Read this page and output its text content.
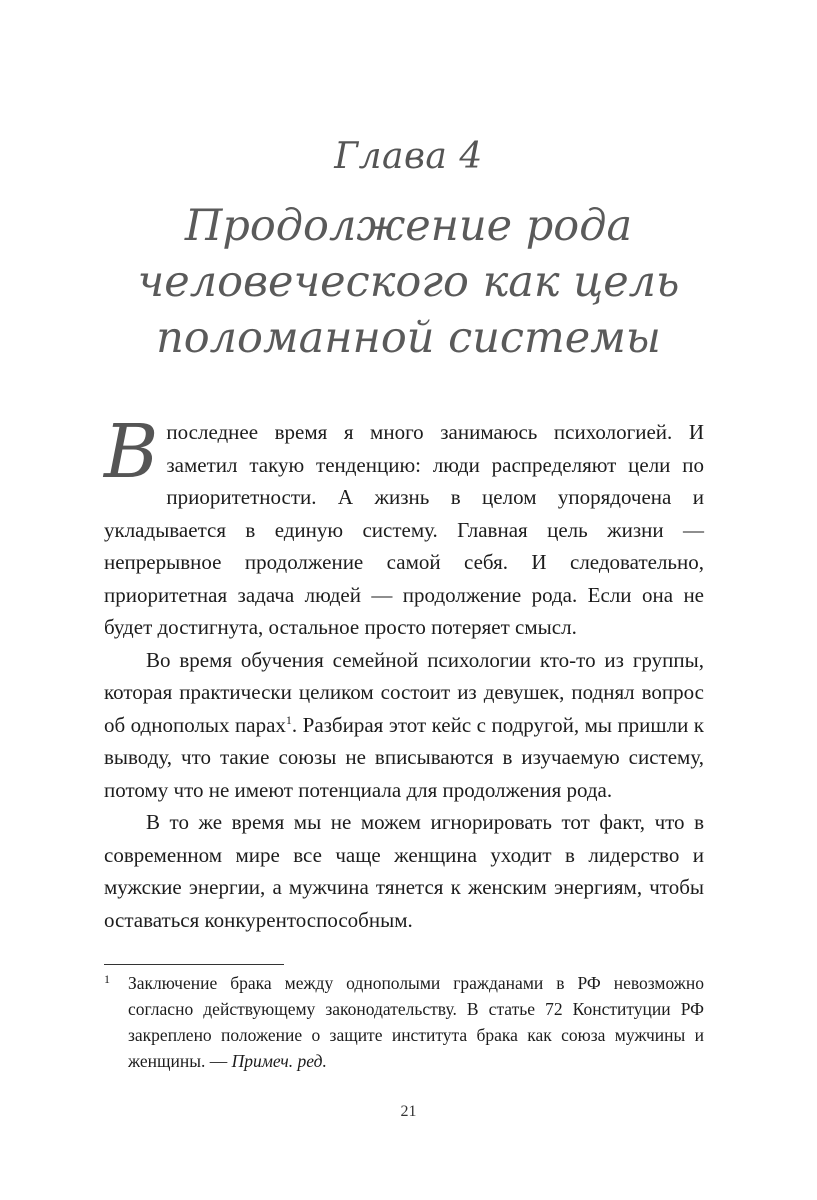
Глава 4
Продолжение рода человеческого как цель поломанной системы

В последнее время я много занимаюсь психологией. И заметил такую тенденцию: люди распределяют цели по приоритетности. А жизнь в целом упорядочена и укладывается в единую систему. Главная цель жизни — непрерывное продолжение самой себя. И следовательно, приоритетная задача людей — продолжение рода. Если она не будет достигнута, остальное просто потеряет смысл.

Во время обучения семейной психологии кто-то из группы, которая практически целиком состоит из девушек, поднял вопрос об однополых парах$^1$. Разбирая этот кейс с подругой, мы пришли к выводу, что такие союзы не вписываются в изучаемую систему, потому что не имеют потенциала для продолжения рода.

В то же время мы не можем игнорировать тот факт, что в современном мире все чаще женщина уходит в лидерство и мужские энергии, а мужчина тянется к женским энергиям, чтобы оставаться конкурентоспособным.

1 Заключение брака между однополыми гражданами в РФ невозможно согласно действующему законодательству. В статье 72 Конституции РФ закреплено положение о защите института брака как союза мужчины и женщины. — Примеч. ред.
21
